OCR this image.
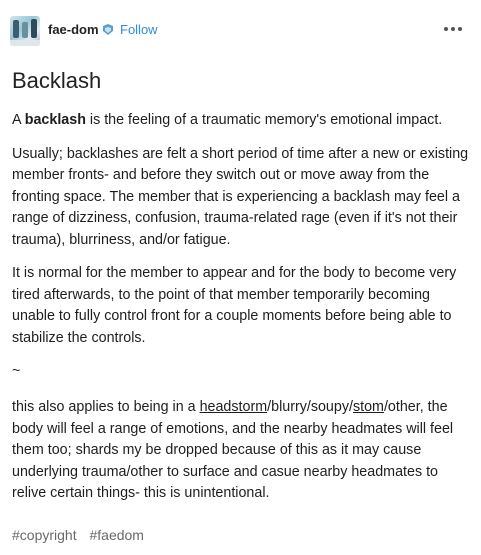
fae-dom Follow
Backlash

A backlash is the feeling of a traumatic memory's emotional impact.

Usually; backlashes are felt a short period of time after a new or existing member fronts- and before they switch out or move away from the fronting space. The member that is experiencing a backlash may feel a range of dizziness, confusion, trauma-related rage (even if it's not their trauma), blurriness, and/or fatigue.

It is normal for the member to appear and for the body to become very tired afterwards, to the point of that member temporarily becoming unable to fully control front for a couple moments before being able to stabilize the controls.

~

this also applies to being in a headstorm/blurry/soupy/stom/other, the body will feel a range of emotions, and the nearby headmates will feel them too; shards my be dropped because of this as it may cause underlying trauma/other to surface and casue nearby headmates to relive certain things- this is unintentional.

#copyright #faedom
